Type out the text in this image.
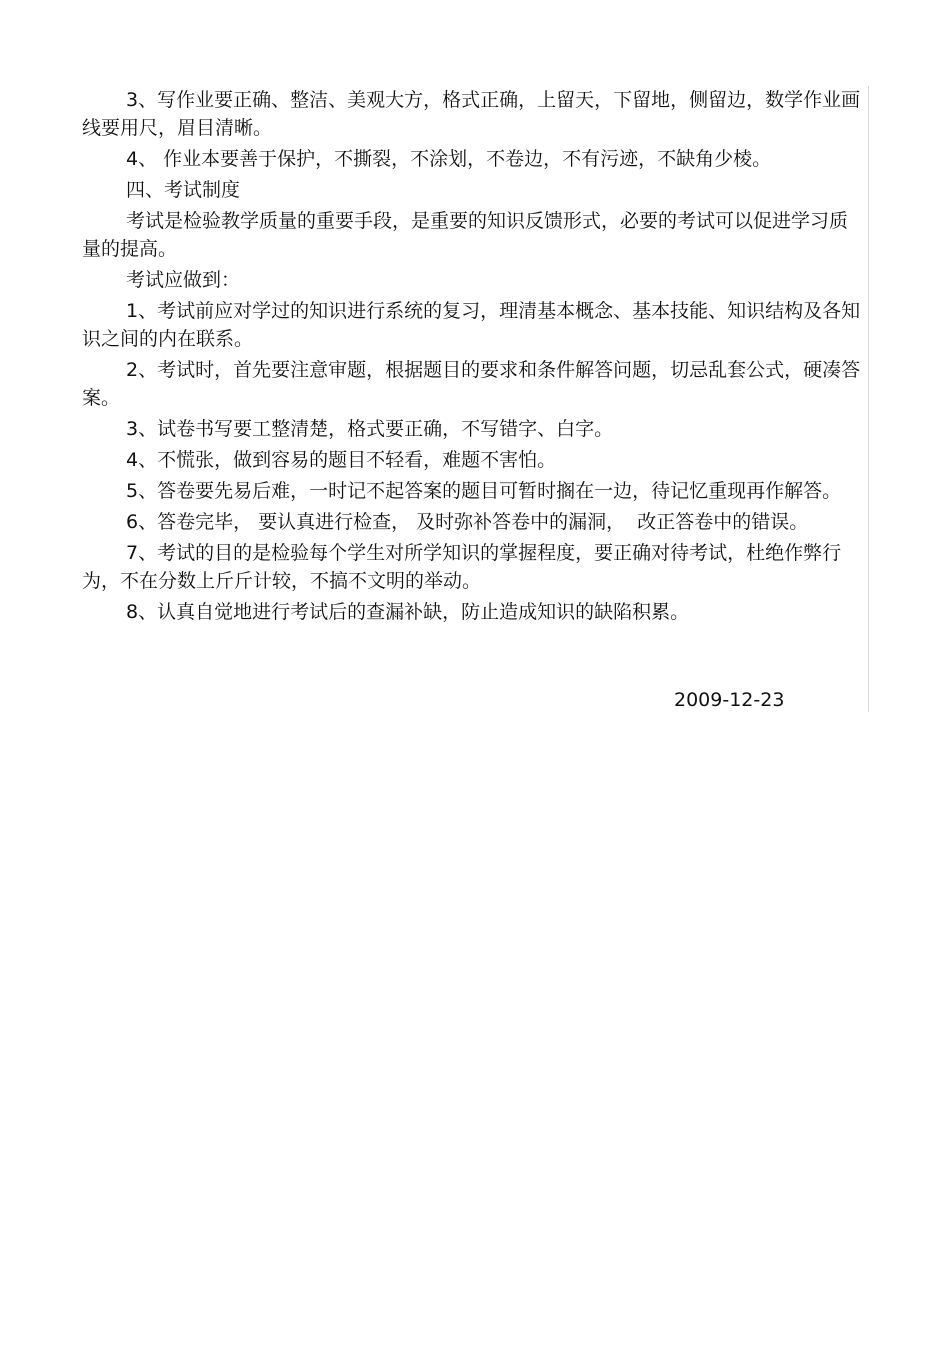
3、写作业要正确、整洁、美观大方，格式正确，上留天，下留地，侧留边，数学作业画线要用尺，眉目清晰。

4、 作业本要善于保护，不撕裂，不涂划，不卷边，不有污迹，不缺角少棱。

四、考试制度

考试是检验教学质量的重要手段，是重要的知识反馈形式，必要的考试可以促进学习质量的提高。

考试应做到：

1、考试前应对学过的知识进行系统的复习，理清基本概念、基本技能、知识结构及各知识之间的内在联系。

2、考试时，首先要注意审题，根据题目的要求和条件解答问题，切忌乱套公式，硬凑答案。

3、试卷书写要工整清楚，格式要正确，不写错字、白字。

4、不慌张，做到容易的题目不轻看，难题不害怕。

5、答卷要先易后难，一时记不起答案的题目可暂时搁在一边，待记忆重现再作解答。

6、答卷完毕， 要认真进行检查， 及时弥补答卷中的漏洞，  改正答卷中的错误。

7、考试的目的是检验每个学生对所学知识的掌握程度，要正确对待考试，杜绝作弊行为，不在分数上斤斤计较，不搞不文明的举动。

8、认真自觉地进行考试后的查漏补缺，防止造成知识的缺陷积累。

2009-12-23
